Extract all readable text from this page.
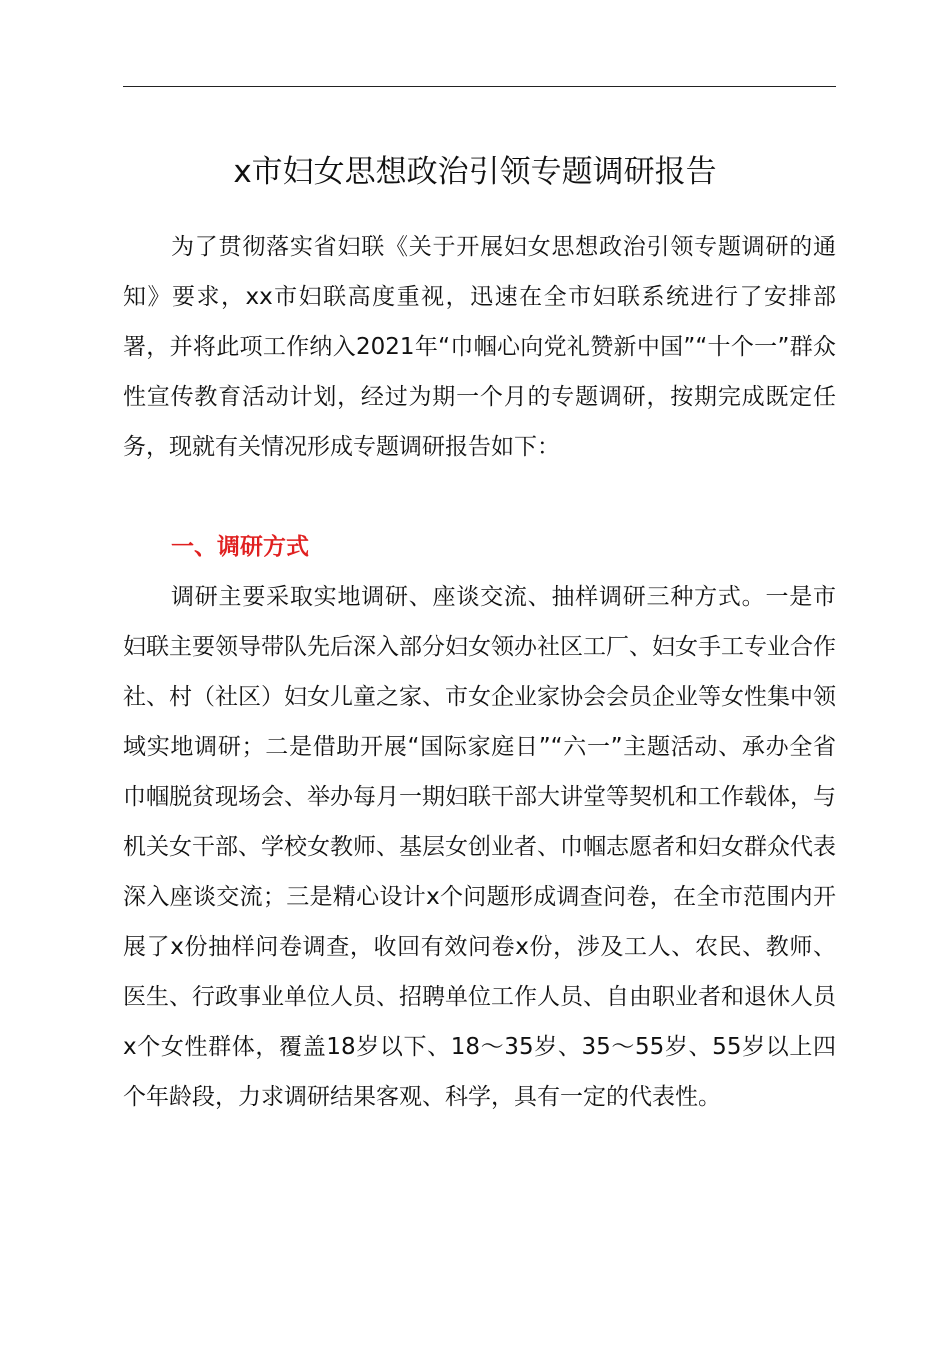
x市妇女思想政治引领专题调研报告

为了贯彻落实省妇联《关于开展妇女思想政治引领专题调研的通知》要求，xx市妇联高度重视，迅速在全市妇联系统进行了安排部署，并将此项工作纳入2021年“巾帼心向党礼赞新中国”“十个一”群众性宣传教育活动计划，经过为期一个月的专题调研，按期完成既定任务，现就有关情况形成专题调研报告如下：

一、调研方式

调研主要采取实地调研、座谈交流、抽样调研三种方式。一是市妇联主要领导带队先后深入部分妇女领办社区工厂、妇女手工专业合作社、村（社区）妇女儿童之家、市女企业家协会会员企业等女性集中领域实地调研；二是借助开展“国际家庭日”“六一”主题活动、承办全省巾帼脱贫现场会、举办每月一期妇联干部大讲堂等契机和工作载体，与机关女干部、学校女教师、基层女创业者、巾帼志愿者和妇女群众代表深入座谈交流；三是精心设计x个问题形成调查问卷，在全市范围内开展了x份抽样问卷调查，收回有效问卷x份，涉及工人、农民、教师、医生、行政事业单位人员、招聘单位工作人员、自由职业者和退休人员x个女性群体，覆盖18岁以下、18～35岁、35～55岁、55岁以上四个年龄段，力求调研结果客观、科学，具有一定的代表性。
